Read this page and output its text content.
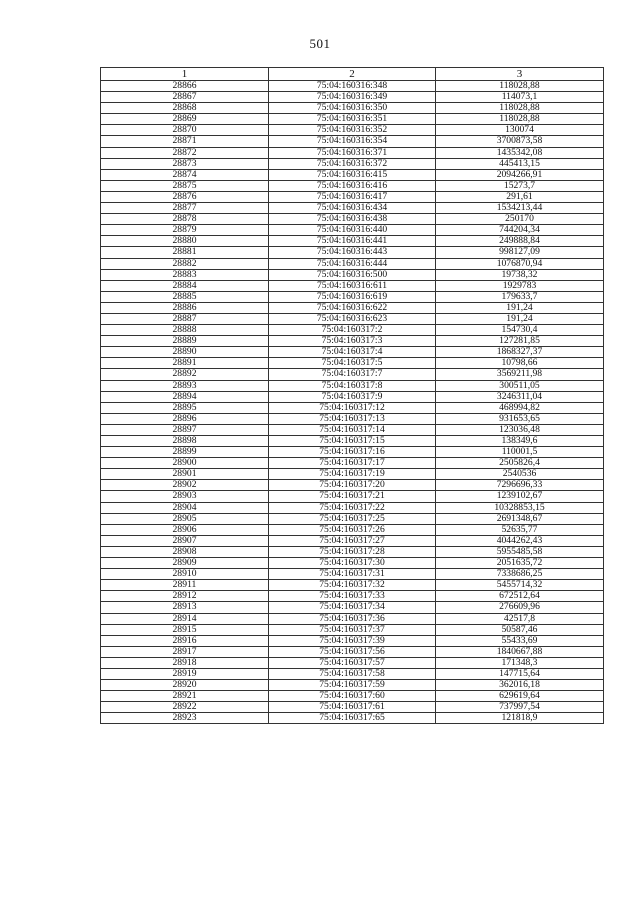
501
1	2	3
28866	75:04:160316:348	118028,88
28867	75:04:160316:349	114073,1
28868	75:04:160316:350	118028,88
28869	75:04:160316:351	118028,88
28870	75:04:160316:352	130074
28871	75:04:160316:354	3700873,58
28872	75:04:160316:371	1435342,08
28873	75:04:160316:372	445413,15
28874	75:04:160316:415	2094266,91
28875	75:04:160316:416	15273,7
28876	75:04:160316:417	291,61
28877	75:04:160316:434	1534213,44
28878	75:04:160316:438	250170
28879	75:04:160316:440	744204,34
28880	75:04:160316:441	249888,84
28881	75:04:160316:443	998127,09
28882	75:04:160316:444	1076870,94
28883	75:04:160316:500	19738,32
28884	75:04:160316:611	1929783
28885	75:04:160316:619	179633,7
28886	75:04:160316:622	191,24
28887	75:04:160316:623	191,24
28888	75:04:160317:2	154730,4
28889	75:04:160317:3	127281,85
28890	75:04:160317:4	1868327,37
28891	75:04:160317:5	10798,66
28892	75:04:160317:7	3569211,98
28893	75:04:160317:8	300511,05
28894	75:04:160317:9	3246311,04
28895	75:04:160317:12	468994,82
28896	75:04:160317:13	931653,65
28897	75:04:160317:14	123036,48
28898	75:04:160317:15	138349,6
28899	75:04:160317:16	110001,5
28900	75:04:160317:17	2505826,4
28901	75:04:160317:19	2540536
28902	75:04:160317:20	7296696,33
28903	75:04:160317:21	1239102,67
28904	75:04:160317:22	10328853,15
28905	75:04:160317:25	2691348,67
28906	75:04:160317:26	52635,77
28907	75:04:160317:27	4044262,43
28908	75:04:160317:28	5955485,58
28909	75:04:160317:30	2051635,72
28910	75:04:160317:31	7338686,25
28911	75:04:160317:32	5455714,32
28912	75:04:160317:33	672512,64
28913	75:04:160317:34	276609,96
28914	75:04:160317:36	42517,8
28915	75:04:160317:37	50587,46
28916	75:04:160317:39	55433,69
28917	75:04:160317:56	1840667,88
28918	75:04:160317:57	171348,3
28919	75:04:160317:58	147715,64
28920	75:04:160317:59	362016,18
28921	75:04:160317:60	629619,64
28922	75:04:160317:61	737997,54
28923	75:04:160317:65	121818,9
